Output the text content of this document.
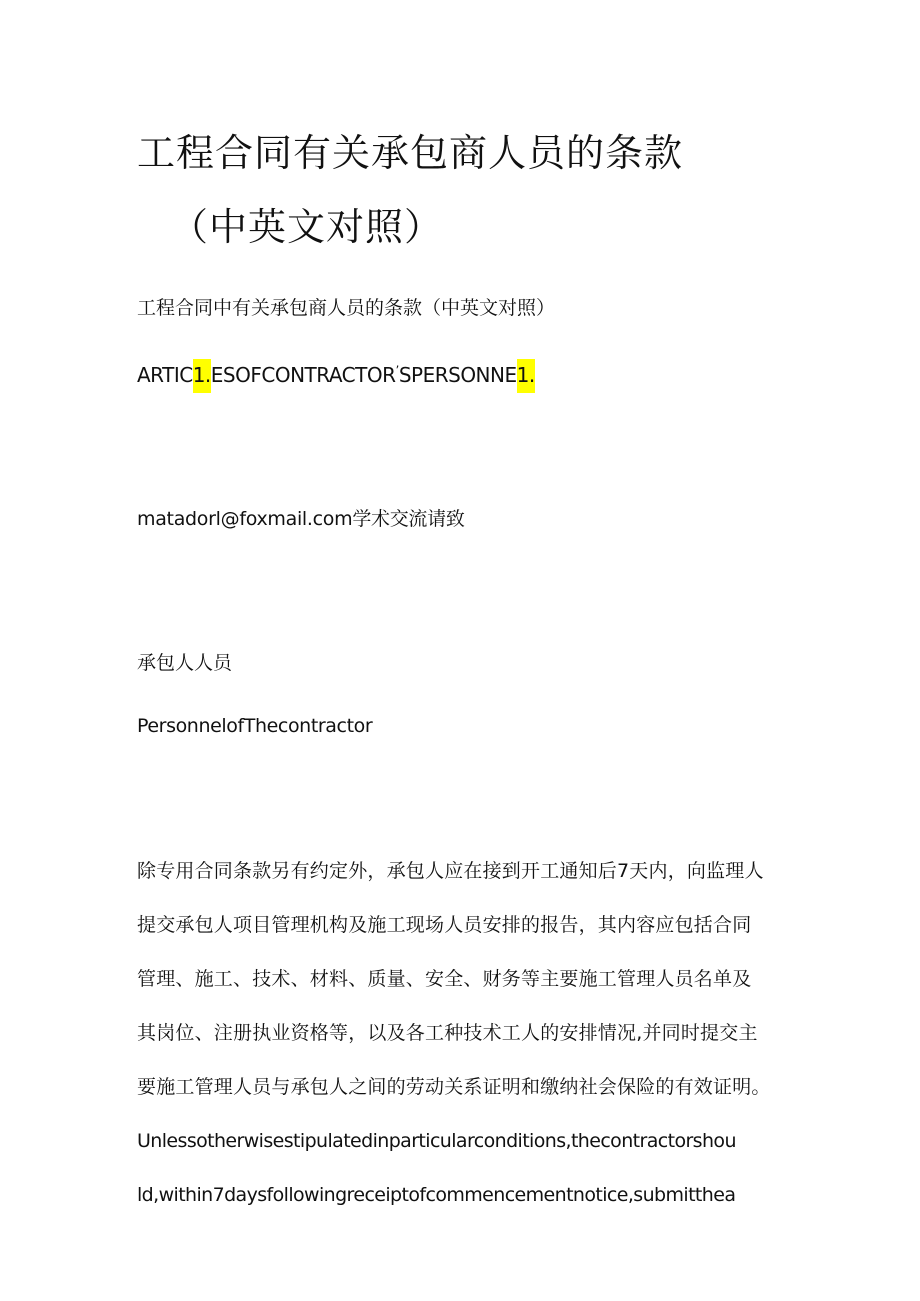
工程合同有关承包商人员的条款
（中英文对照）
工程合同中有关承包商人员的条款（中英文对照）
ARTIC1.ESOFCONTRACTOR’SPERSONNE1.
matadorl@foxmail.com学术交流请致
承包人人员
PersonnelofThecontractor
除专用合同条款另有约定外，承包人应在接到开工通知后7天内，向监理人
提交承包人项目管理机构及施工现场人员安排的报告，其内容应包括合同
管理、施工、技术、材料、质量、安全、财务等主要施工管理人员名单及
其岗位、注册执业资格等，以及各工种技术工人的安排情况,并同时提交主
要施工管理人员与承包人之间的劳动关系证明和缴纳社会保险的有效证明。
Unlessotherwisestipulatedinparticularconditions,thecontractorshou
ld,within7daysfollowingreceiptofcommencementnotice,submitthea
